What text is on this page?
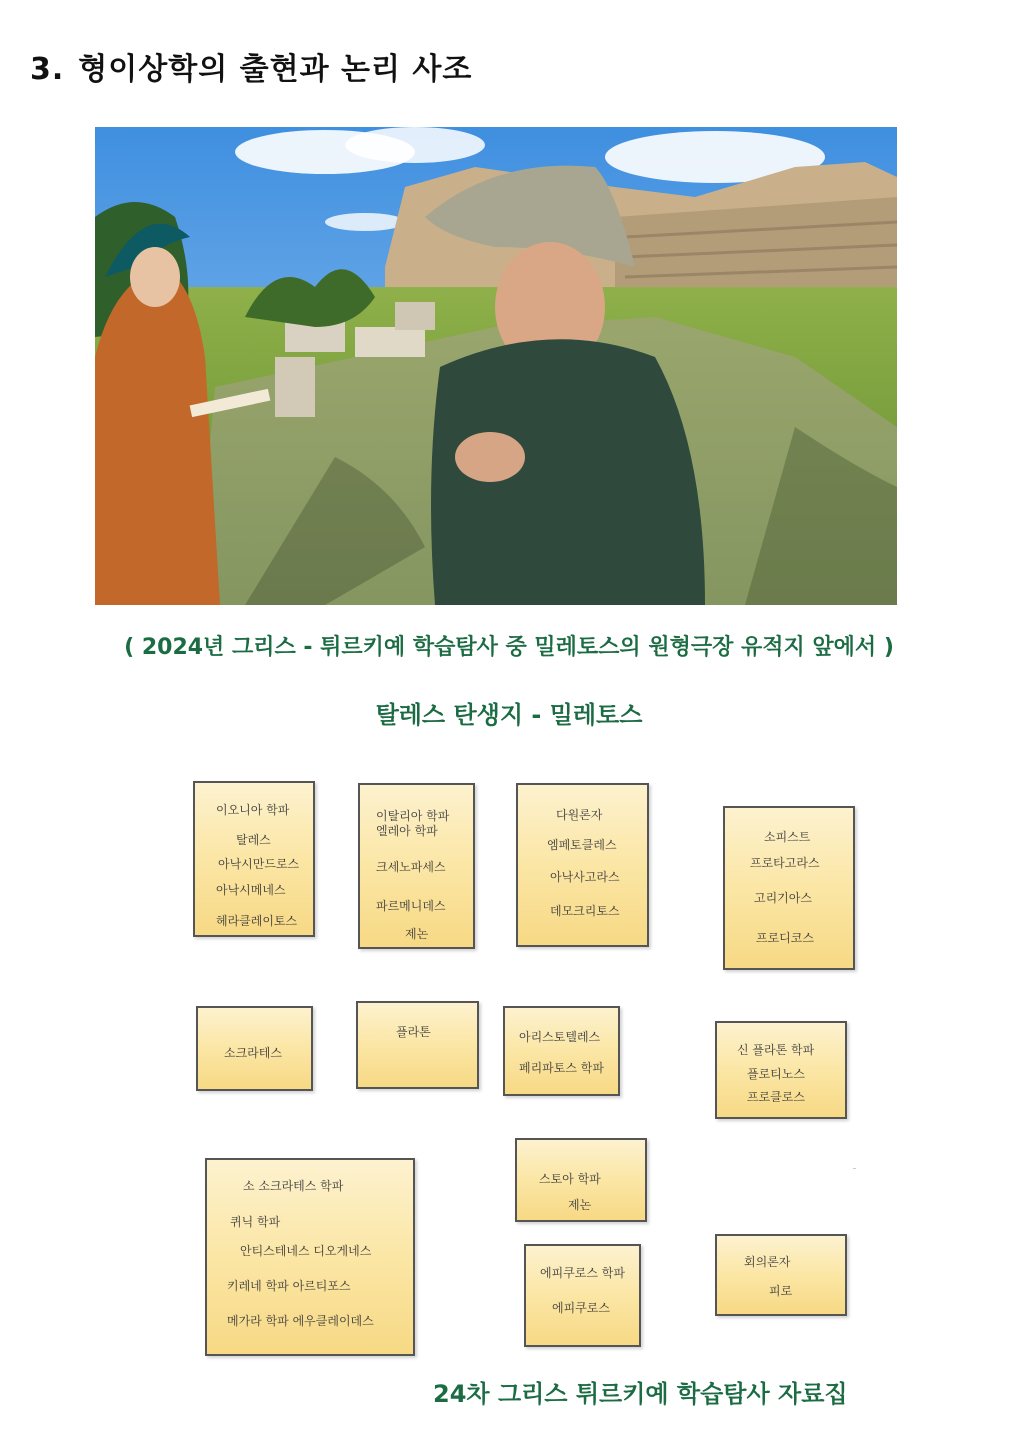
3. 형이상학의 출현과 논리 사조
( 2024년 그리스 - 튀르키예 학습탐사 중 밀레토스의 원형극장 유적지 앞에서 )
탈레스 탄생지 - 밀레토스
이오니아 학파
탈레스
아낙시만드로스
아낙시메네스
헤라클레이토스
이탈리아 학파
엘레아 학파
크세노파세스
파르메니데스
제논
다원론자
엠페토클레스
아낙사고라스
데모크리토스
소피스트
프로타고라스
고리기아스
프로디코스
소크라테스
플라톤	아리스토텔레스
페리파토스 학파
신 플라톤 학파
플로티노스
프로클로스
소 소크라테스 학파
퀴닉 학파
안티스테네스 디오게네스
키레네 학파 아르티포스
메가라 학파 에우클레이데스
스토아 학파
제논
에피쿠로스 학파
에피쿠로스
회의론자
피로
24차 그리스 튀르키예 학습탐사 자료집
